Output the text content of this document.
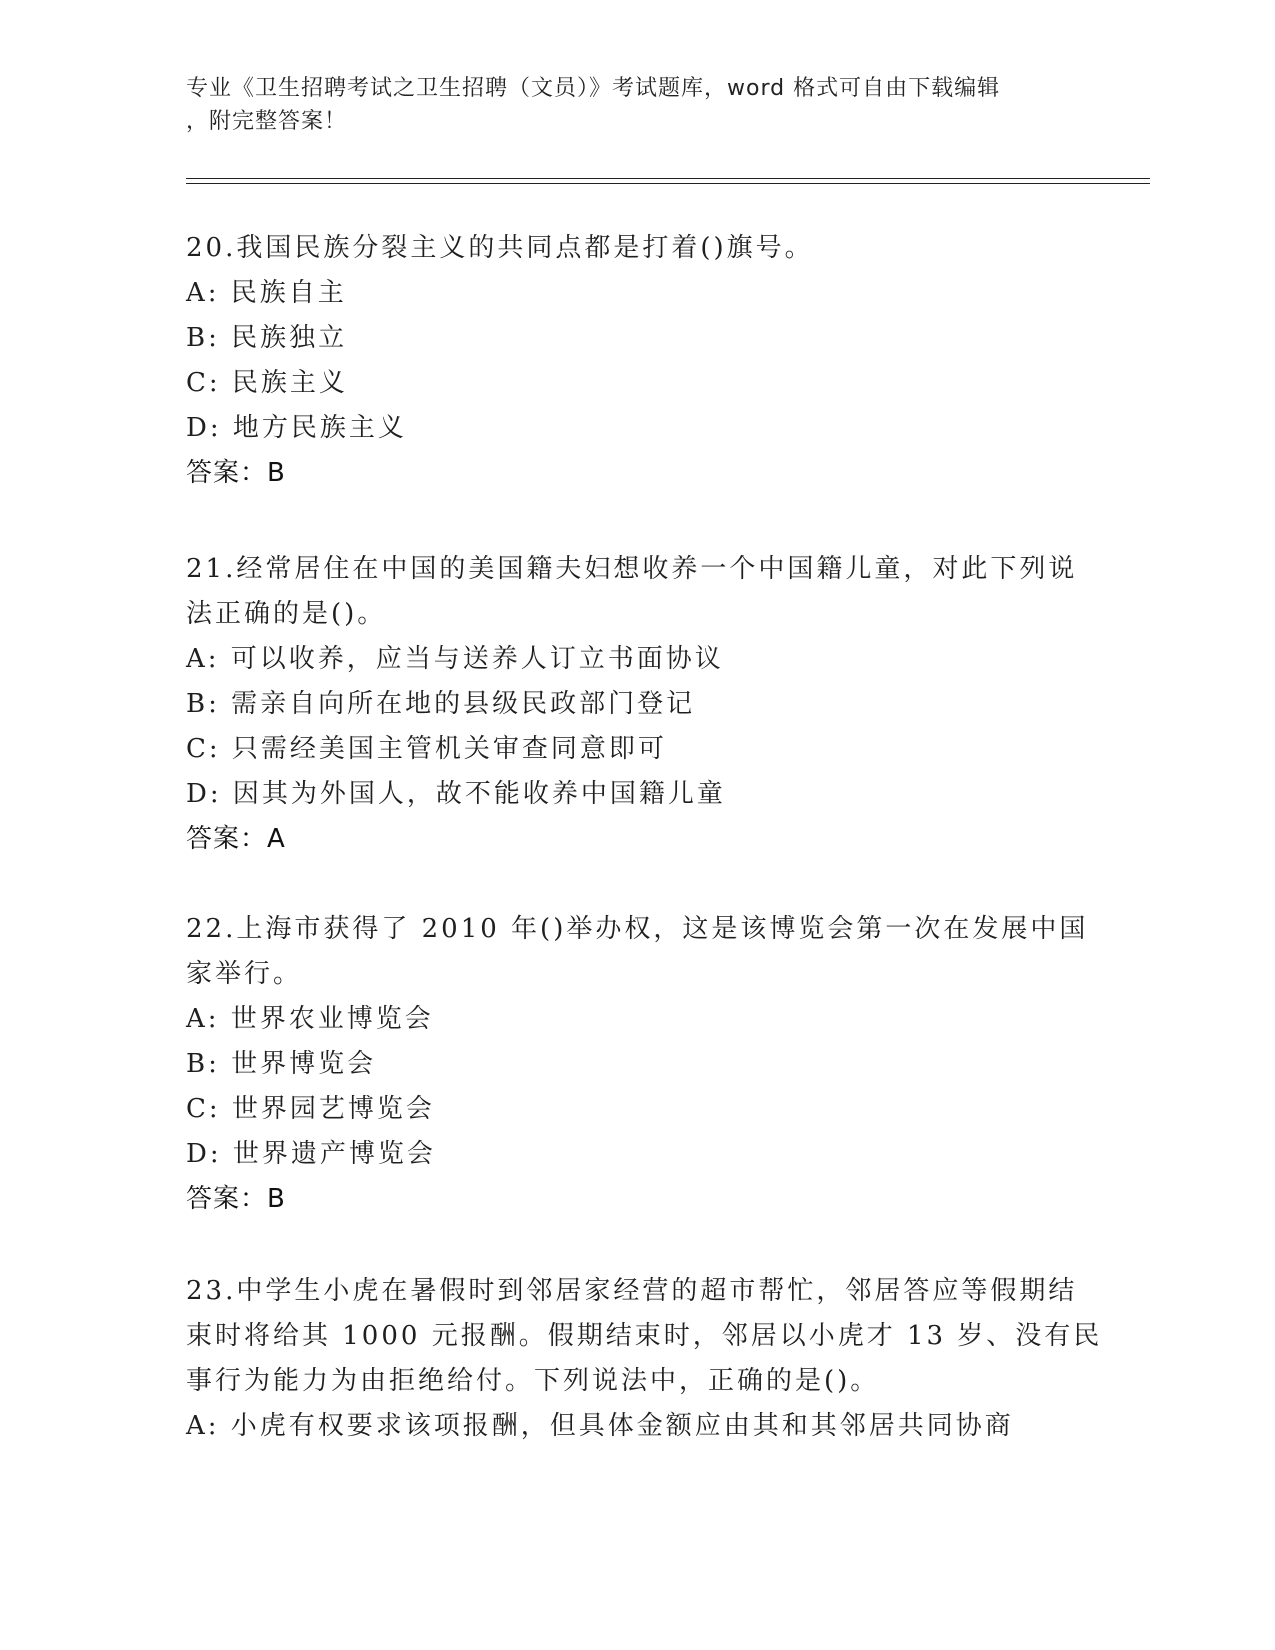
专业《卫生招聘考试之卫生招聘（文员）》考试题库，word 格式可自由下载编辑
，附完整答案！
20.我国民族分裂主义的共同点都是打着()旗号。
A: 民族自主
B: 民族独立
C: 民族主义
D: 地方民族主义
答案：B
21.经常居住在中国的美国籍夫妇想收养一个中国籍儿童，对此下列说
法正确的是()。
A: 可以收养，应当与送养人订立书面协议
B: 需亲自向所在地的县级民政部门登记
C: 只需经美国主管机关审查同意即可
D: 因其为外国人，故不能收养中国籍儿童
答案：A
22.上海市获得了 2010 年()举办权，这是该博览会第一次在发展中国
家举行。
A: 世界农业博览会
B: 世界博览会
C: 世界园艺博览会
D: 世界遗产博览会
答案：B
23.中学生小虎在暑假时到邻居家经营的超市帮忙，邻居答应等假期结
束时将给其 1000 元报酬。假期结束时，邻居以小虎才 13 岁、没有民
事行为能力为由拒绝给付。下列说法中，正确的是()。
A: 小虎有权要求该项报酬，但具体金额应由其和其邻居共同协商
